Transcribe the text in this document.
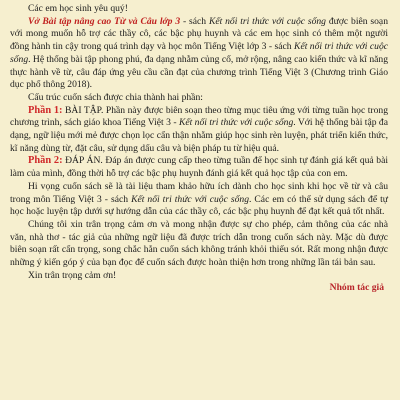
Các em học sinh yêu quý!

Vở Bài tập nâng cao Từ và Câu lớp 3 - sách Kết nối tri thức với cuộc sống được biên soạn với mong muốn hỗ trợ các thầy cô, các bậc phụ huynh và các em học sinh có thêm một người đồng hành tin cậy trong quá trình dạy và học môn Tiếng Việt lớp 3 - sách Kết nối tri thức với cuộc sống. Hệ thống bài tập phong phú, đa dạng nhằm củng cố, mở rộng, nâng cao kiến thức và kĩ năng thực hành về từ, câu đáp ứng yêu cầu cần đạt của chương trình Tiếng Việt 3 (Chương trình Giáo dục phổ thông 2018).

Cấu trúc cuốn sách được chia thành hai phần:

Phần 1: BÀI TẬP. Phần này được biên soạn theo từng mục tiêu ứng với từng tuần học trong chương trình, sách giáo khoa Tiếng Việt 3 - Kết nối tri thức với cuộc sống. Với hệ thống bài tập đa dạng, ngữ liệu mới mẻ được chọn lọc cẩn thận nhằm giúp học sinh rèn luyện, phát triển kiến thức, kĩ năng dùng từ, đặt câu, sử dụng dấu câu và biện pháp tu từ hiệu quả.

Phần 2: ĐÁP ÁN. Đáp án được cung cấp theo từng tuần để học sinh tự đánh giá kết quả bài làm của mình, đồng thời hỗ trợ các bậc phụ huynh đánh giá kết quả học tập của con em.

Hi vọng cuốn sách sẽ là tài liệu tham khảo hữu ích dành cho học sinh khi học về từ và câu trong môn Tiếng Việt 3 - sách Kết nối tri thức với cuộc sống. Các em có thể sử dụng sách để tự học hoặc luyện tập dưới sự hướng dẫn của các thầy cô, các bậc phụ huynh để đạt kết quả tốt nhất.

Chúng tôi xin trân trọng cảm ơn và mong nhận được sự cho phép, cảm thông của các nhà văn, nhà thơ - tác giả của những ngữ liệu đã được trích dẫn trong cuốn sách này. Mặc dù được biên soạn rất cẩn trọng, song chắc hẳn cuốn sách không tránh khỏi thiếu sót. Rất mong nhận được những ý kiến góp ý của bạn đọc để cuốn sách được hoàn thiện hơn trong những lần tái bản sau.

Xin trân trọng cảm ơn!

Nhóm tác giả
